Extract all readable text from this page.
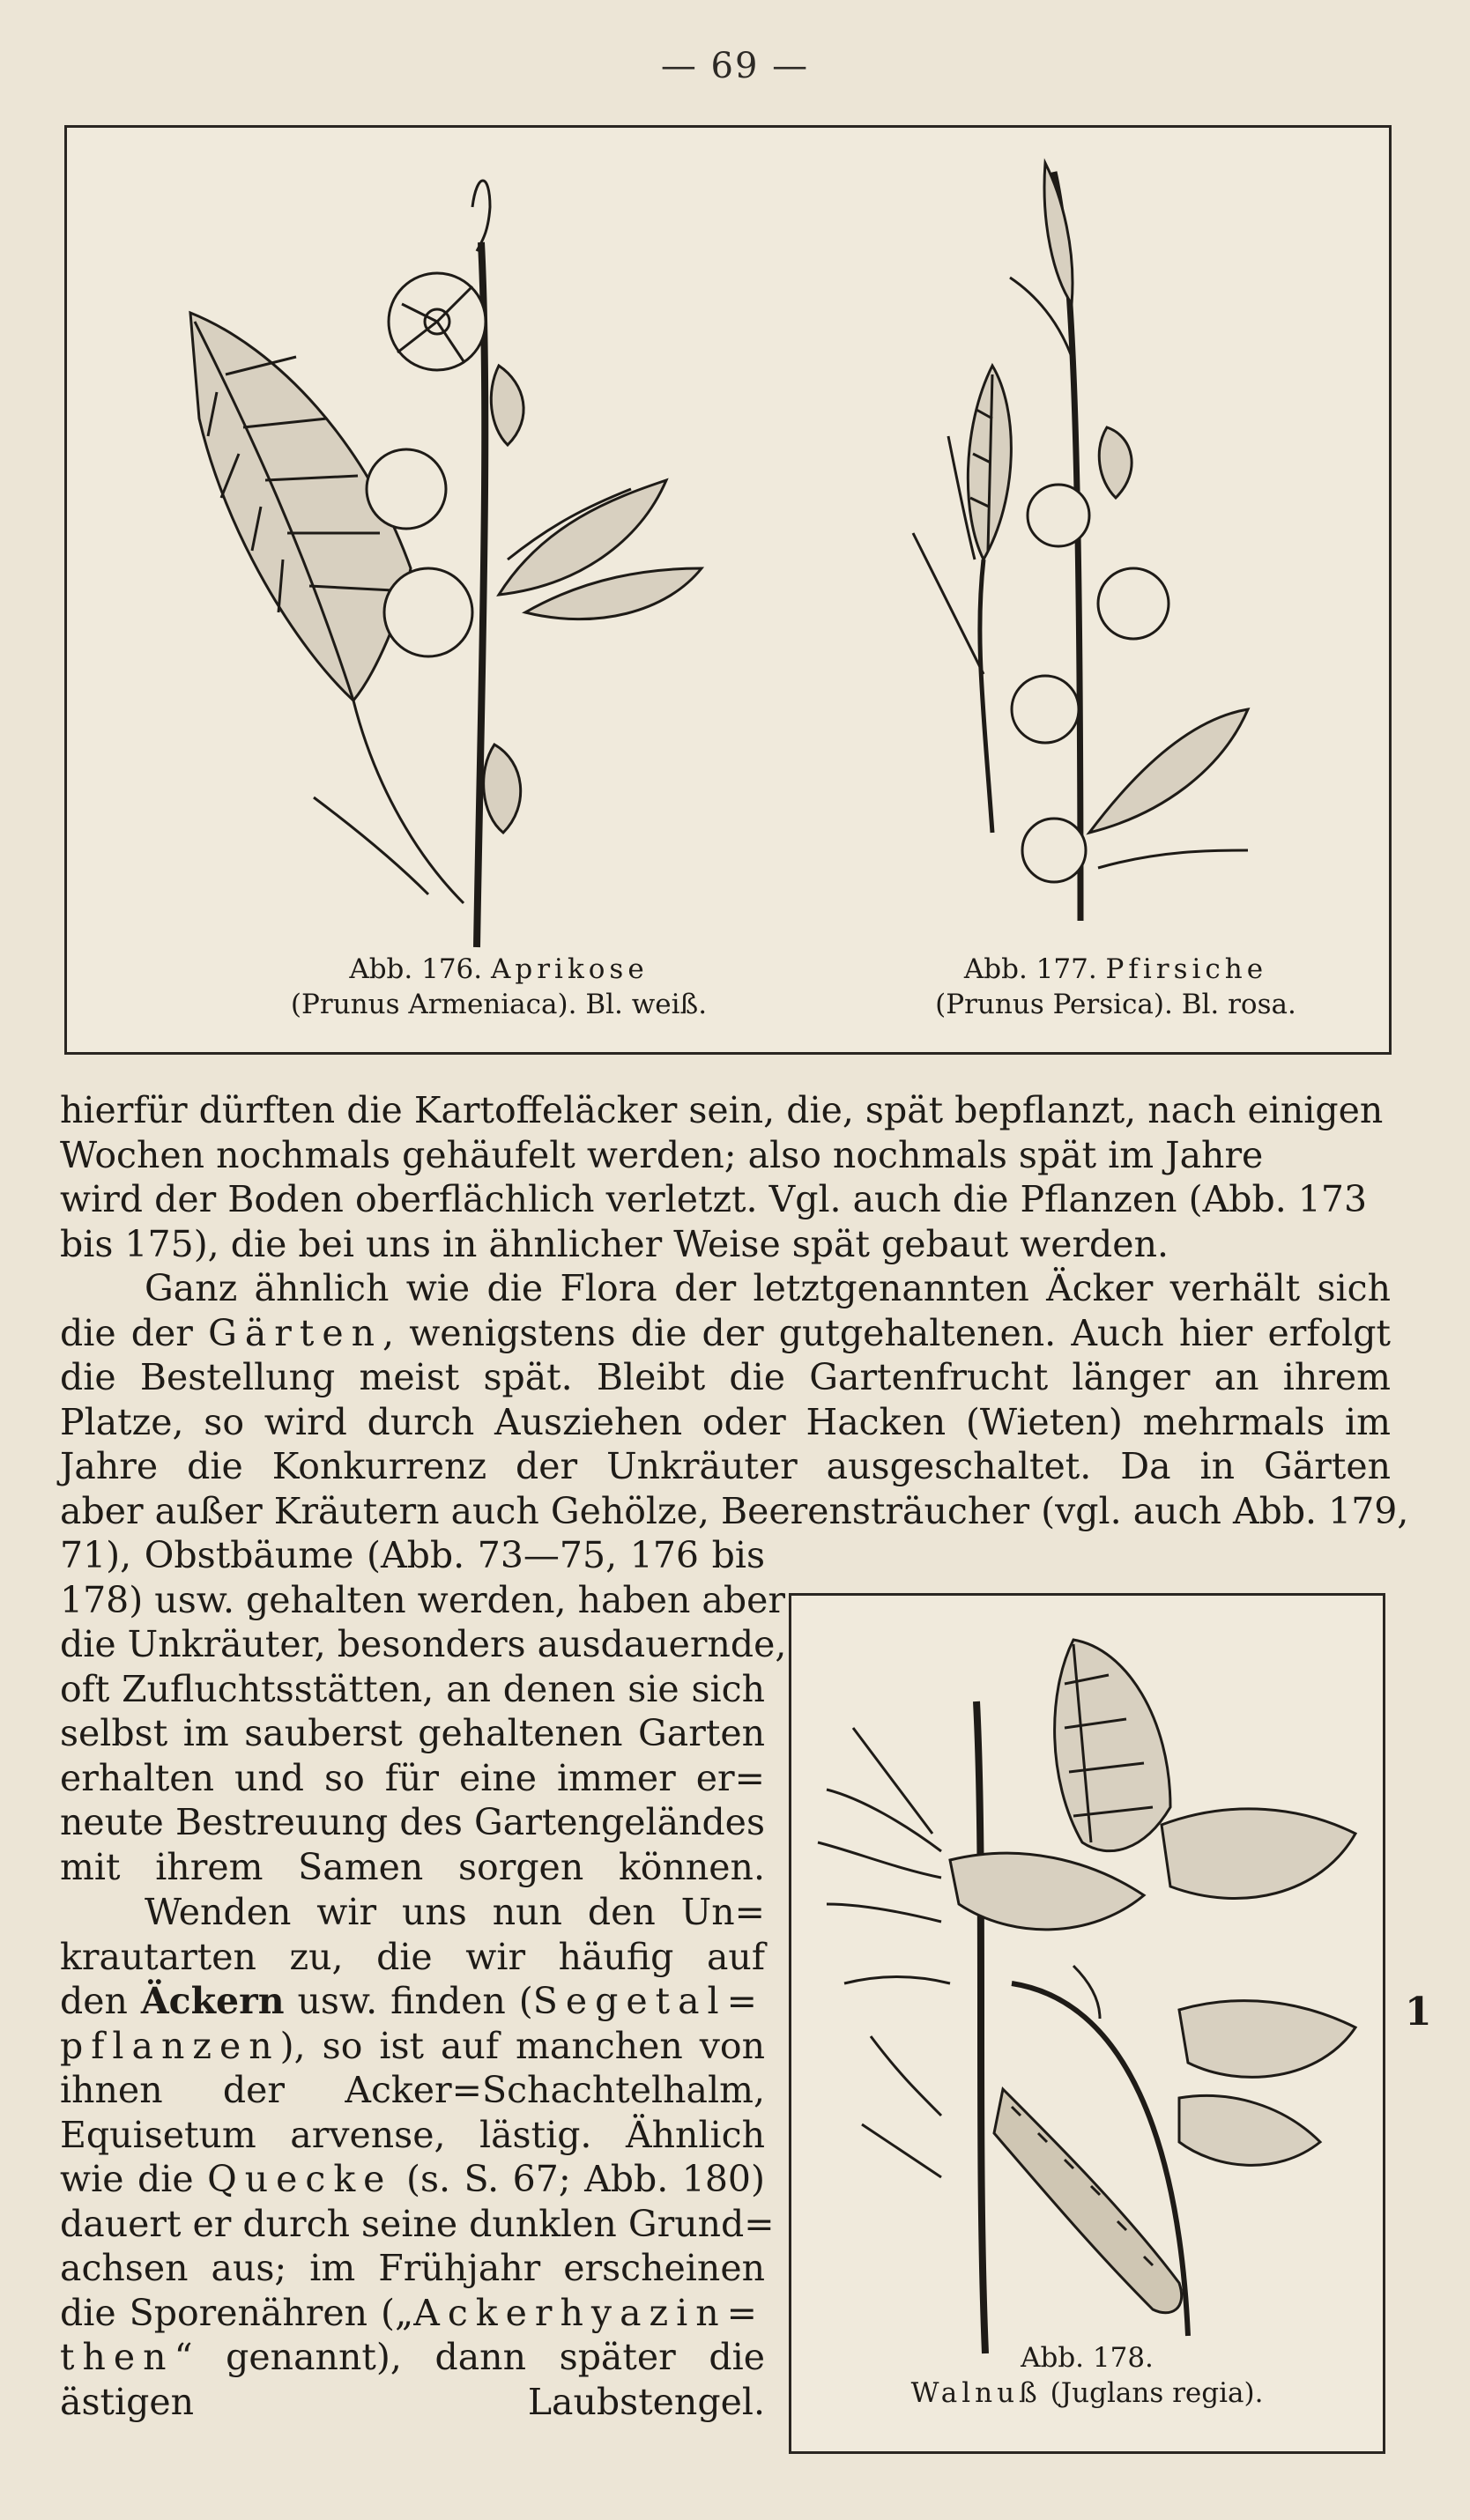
— 69 —
Abb. 176. Aprikose
(Prunus Armeniaca). Bl. weiß.
Abb. 177. Pfirsiche
(Prunus Persica). Bl. rosa.
hierfür dürften die Kartoffeläcker sein, die, spät bepflanzt, nach einigen
Wochen nochmals gehäufelt werden; also nochmals spät im Jahre
wird der Boden oberflächlich verletzt. Vgl. auch die Pflanzen (Abb. 173
bis 175), die bei uns in ähnlicher Weise spät gebaut werden.
Ganz ähnlich wie die Flora der letztgenannten Äcker verhält sich
die der Gärten, wenigstens die der gutgehaltenen. Auch hier erfolgt
die Bestellung meist spät. Bleibt die Gartenfrucht länger an ihrem
Platze, so wird durch Ausziehen oder Hacken (Wieten) mehrmals im
Jahre die Konkurrenz der Unkräuter ausgeschaltet. Da in Gärten
aber außer Kräutern auch Gehölze, Beerensträucher (vgl. auch Abb. 179,
71), Obstbäume (Abb. 73—75, 176 bis
178) usw. gehalten werden, haben aber
die Unkräuter, besonders ausdauernde,
oft Zufluchtsstätten, an denen sie sich
selbst im sauberst gehaltenen Garten
erhalten und so für eine immer er=
neute Bestreuung des Gartengeländes
mit ihrem Samen sorgen können.
Wenden wir uns nun den Un=
krautarten zu, die wir häufig auf
den Äckern usw. finden (Segetal=
pflanzen), so ist auf manchen von
ihnen der Acker=Schachtelhalm,
Equisetum arvense, lästig. Ähnlich
wie die Quecke (s. S. 67; Abb. 180)
dauert er durch seine dunklen Grund=
achsen aus; im Frühjahr erscheinen
die Sporenähren („Ackerhyazin=
then“ genannt), dann später die
ästigen Laubstengel.
Abb. 178.
Walnuß (Juglans regia).
1
